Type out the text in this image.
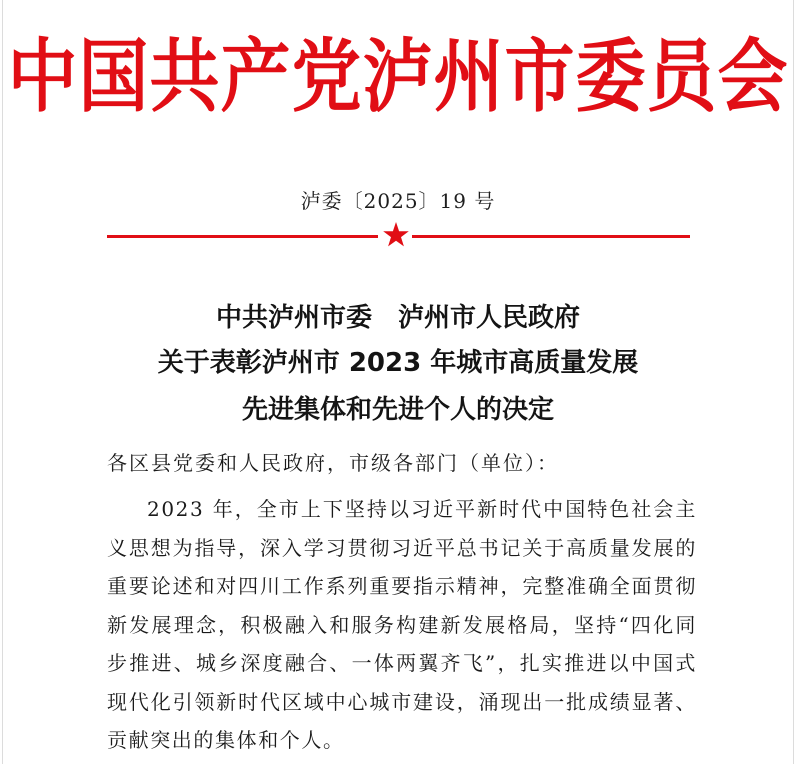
中国共产党泸州市委员会
泸委〔2025〕19 号
中共泸州市委　泸州市人民政府
关于表彰泸州市 2023 年城市高质量发展
先进集体和先进个人的决定
各区县党委和人民政府，市级各部门（单位）：
2023 年，全市上下坚持以习近平新时代中国特色社会主义思想为指导，深入学习贯彻习近平总书记关于高质量发展的重要论述和对四川工作系列重要指示精神，完整准确全面贯彻新发展理念，积极融入和服务构建新发展格局，坚持“四化同步推进、城乡深度融合、一体两翼齐飞”，扎实推进以中国式现代化引领新时代区域中心城市建设，涌现出一批成绩显著、贡献突出的集体和个人。
